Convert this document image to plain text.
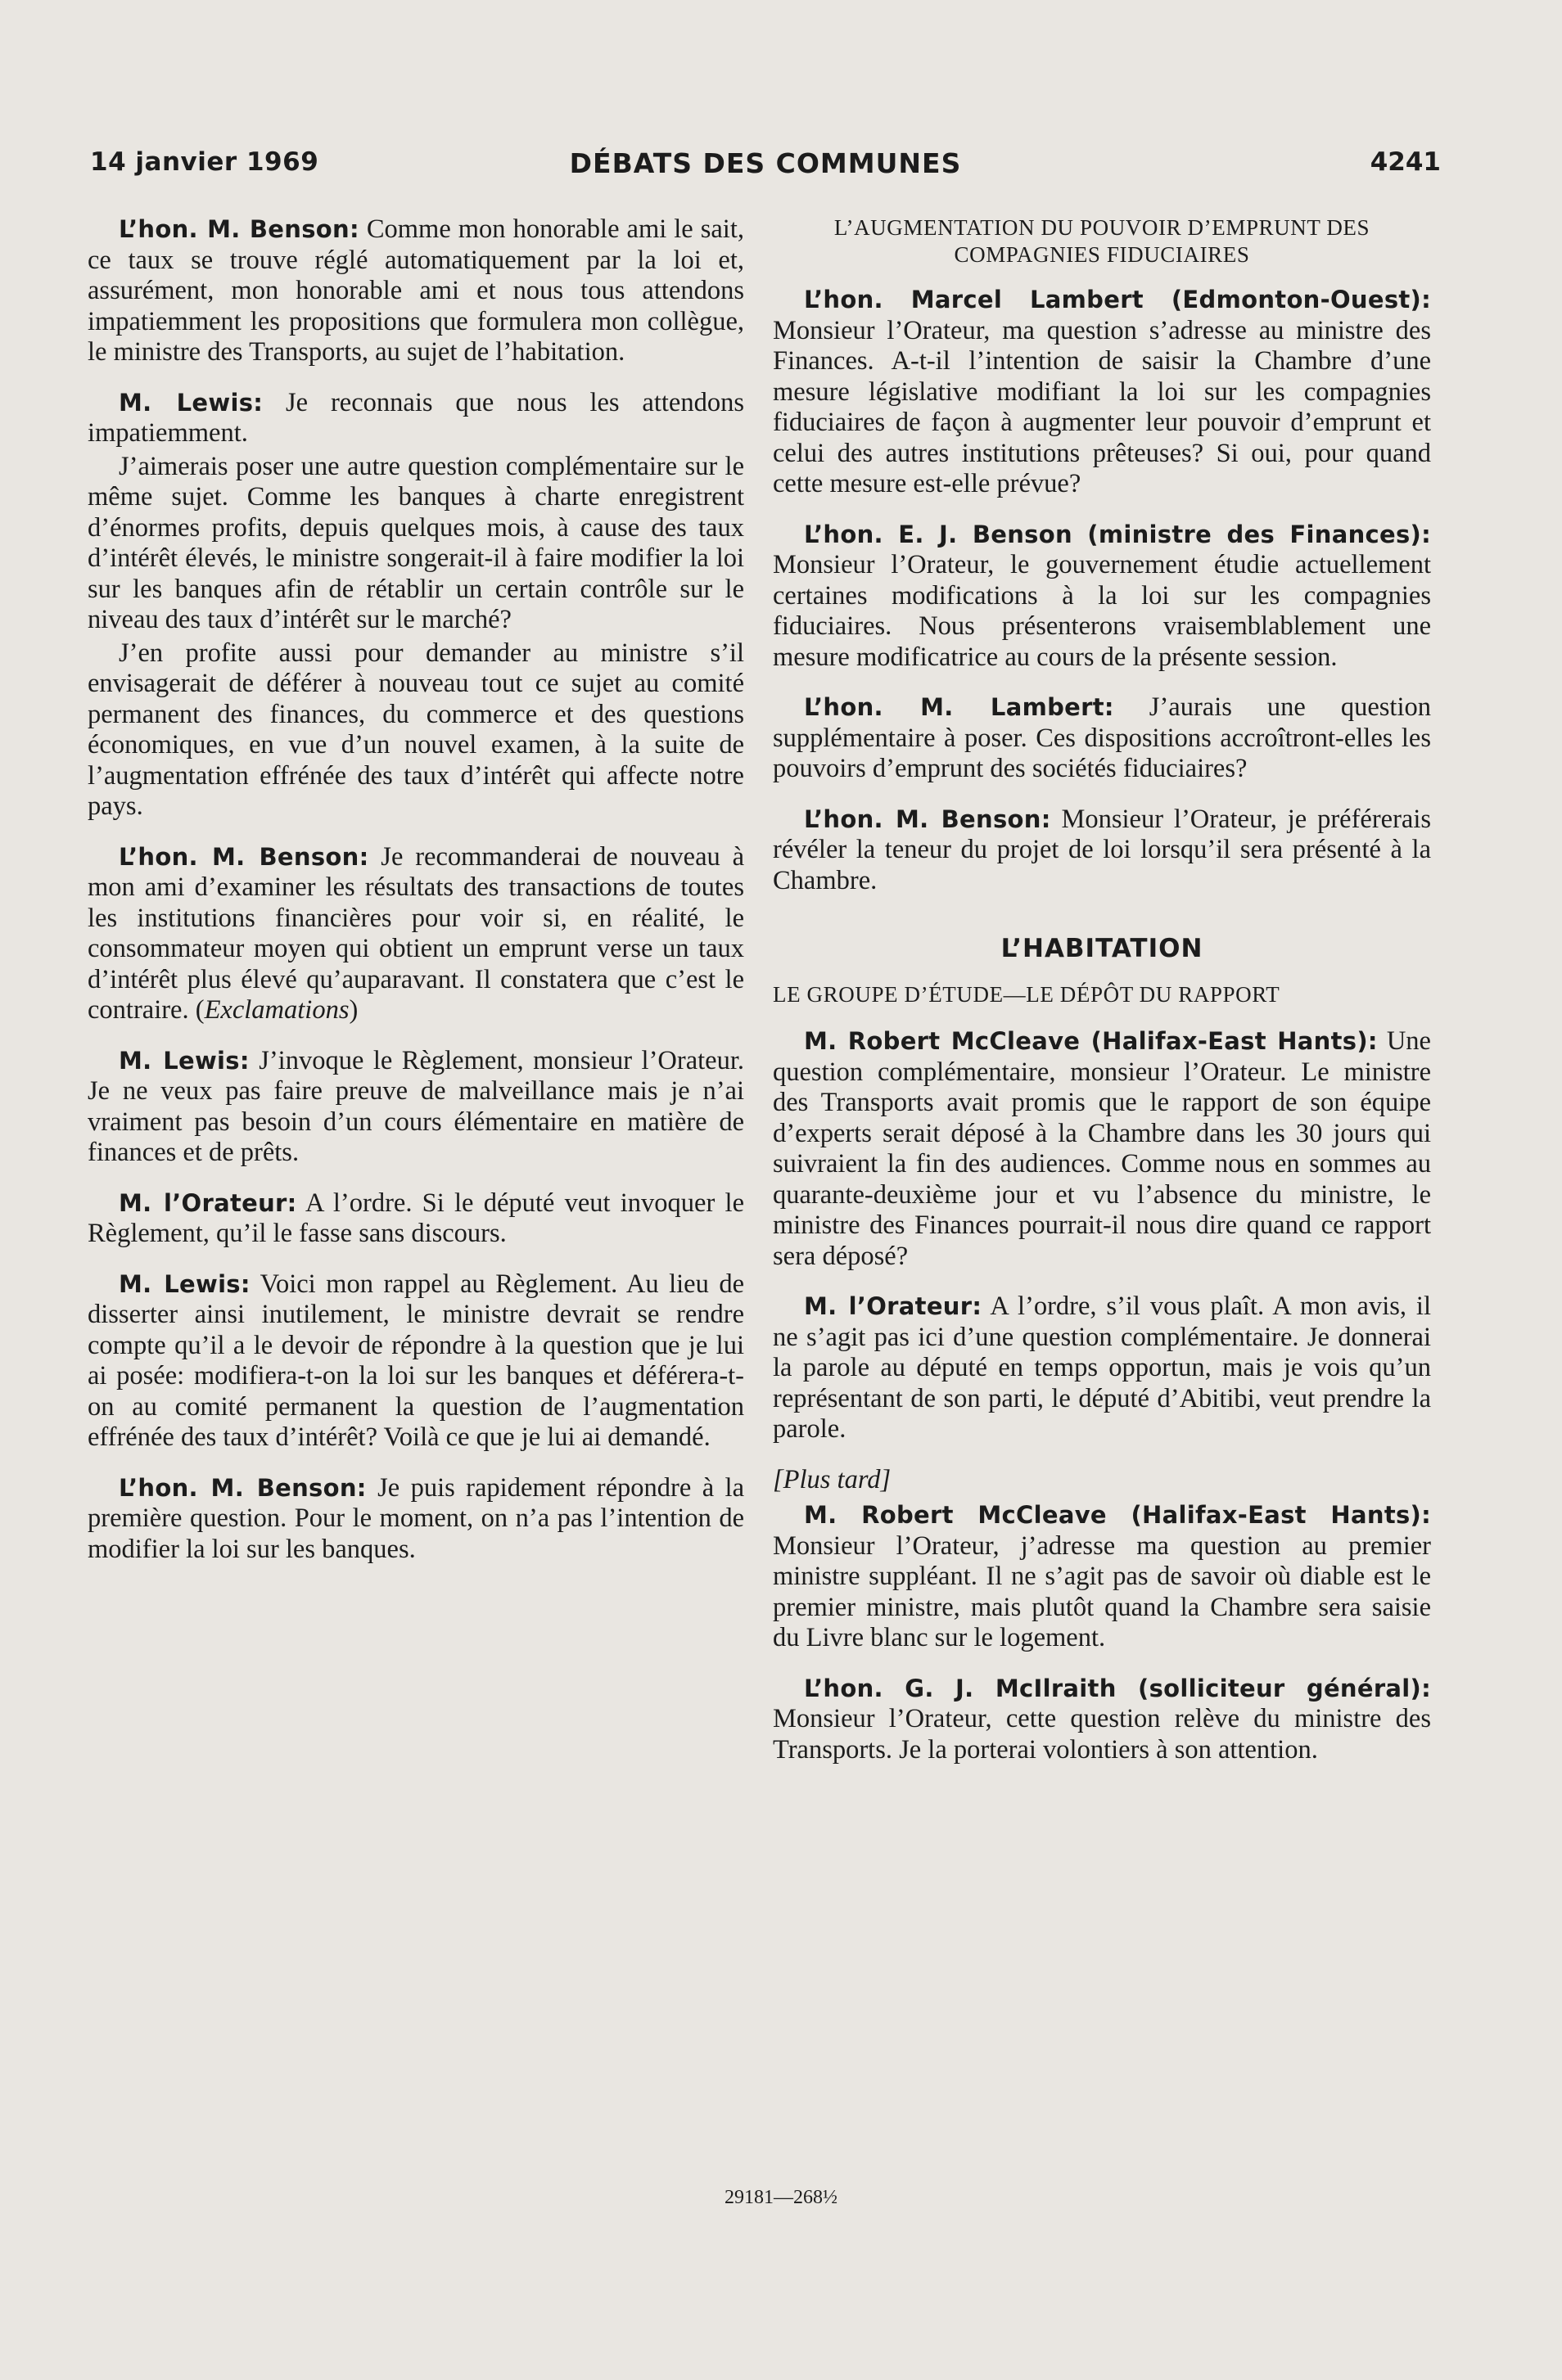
14 janvier 1969	DÉBATS DES COMMUNES	4241

L’hon. M. Benson: Comme mon honorable ami le sait, ce taux se trouve réglé automatiquement par la loi et, assurément, mon honorable ami et nous tous attendons impatiemment les propositions que formulera mon collègue, le ministre des Transports, au sujet de l’habitation.

M. Lewis: Je reconnais que nous les attendons impatiemment.

J’aimerais poser une autre question complémentaire sur le même sujet. Comme les banques à charte enregistrent d’énormes profits, depuis quelques mois, à cause des taux d’intérêt élevés, le ministre songerait-il à faire modifier la loi sur les banques afin de rétablir un certain contrôle sur le niveau des taux d’intérêt sur le marché?

J’en profite aussi pour demander au ministre s’il envisagerait de déférer à nouveau tout ce sujet au comité permanent des finances, du commerce et des questions économiques, en vue d’un nouvel examen, à la suite de l’augmentation effrénée des taux d’intérêt qui affecte notre pays.

L’hon. M. Benson: Je recommanderai de nouveau à mon ami d’examiner les résultats des transactions de toutes les institutions financières pour voir si, en réalité, le consommateur moyen qui obtient un emprunt verse un taux d’intérêt plus élevé qu’auparavant. Il constatera que c’est le contraire. (Exclamations)

M. Lewis: J’invoque le Règlement, monsieur l’Orateur. Je ne veux pas faire preuve de malveillance mais je n’ai vraiment pas besoin d’un cours élémentaire en matière de finances et de prêts.

M. l’Orateur: A l’ordre. Si le député veut invoquer le Règlement, qu’il le fasse sans discours.

M. Lewis: Voici mon rappel au Règlement. Au lieu de disserter ainsi inutilement, le ministre devrait se rendre compte qu’il a le devoir de répondre à la question que je lui ai posée: modifiera-t-on la loi sur les banques et déférera-t-on au comité permanent la question de l’augmentation effrénée des taux d’intérêt? Voilà ce que je lui ai demandé.

L’hon. M. Benson: Je puis rapidement répondre à la première question. Pour le moment, on n’a pas l’intention de modifier la loi sur les banques.

L’AUGMENTATION DU POUVOIR D’EMPRUNT DES COMPAGNIES FIDUCIAIRES

L’hon. Marcel Lambert (Edmonton-Ouest): Monsieur l’Orateur, ma question s’adresse au ministre des Finances. A-t-il l’intention de saisir la Chambre d’une mesure législative modifiant la loi sur les compagnies fiduciaires de façon à augmenter leur pouvoir d’emprunt et celui des autres institutions prêteuses? Si oui, pour quand cette mesure est-elle prévue?

L’hon. E. J. Benson (ministre des Finances): Monsieur l’Orateur, le gouvernement étudie actuellement certaines modifications à la loi sur les compagnies fiduciaires. Nous présenterons vraisemblablement une mesure modificatrice au cours de la présente session.

L’hon. M. Lambert: J’aurais une question supplémentaire à poser. Ces dispositions accroîtront-elles les pouvoirs d’emprunt des sociétés fiduciaires?

L’hon. M. Benson: Monsieur l’Orateur, je préférerais révéler la teneur du projet de loi lorsqu’il sera présenté à la Chambre.

L’HABITATION

LE GROUPE D’ÉTUDE—LE DÉPÔT DU RAPPORT

M. Robert McCleave (Halifax-East Hants): Une question complémentaire, monsieur l’Orateur. Le ministre des Transports avait promis que le rapport de son équipe d’experts serait déposé à la Chambre dans les 30 jours qui suivraient la fin des audiences. Comme nous en sommes au quarante-deuxième jour et vu l’absence du ministre, le ministre des Finances pourrait-il nous dire quand ce rapport sera déposé?

M. l’Orateur: A l’ordre, s’il vous plaît. A mon avis, il ne s’agit pas ici d’une question complémentaire. Je donnerai la parole au député en temps opportun, mais je vois qu’un représentant de son parti, le député d’Abitibi, veut prendre la parole.

[Plus tard]

M. Robert McCleave (Halifax-East Hants): Monsieur l’Orateur, j’adresse ma question au premier ministre suppléant. Il ne s’agit pas de savoir où diable est le premier ministre, mais plutôt quand la Chambre sera saisie du Livre blanc sur le logement.

L’hon. G. J. McIlraith (solliciteur général): Monsieur l’Orateur, cette question relève du ministre des Transports. Je la porterai volontiers à son attention.

29181—268½
